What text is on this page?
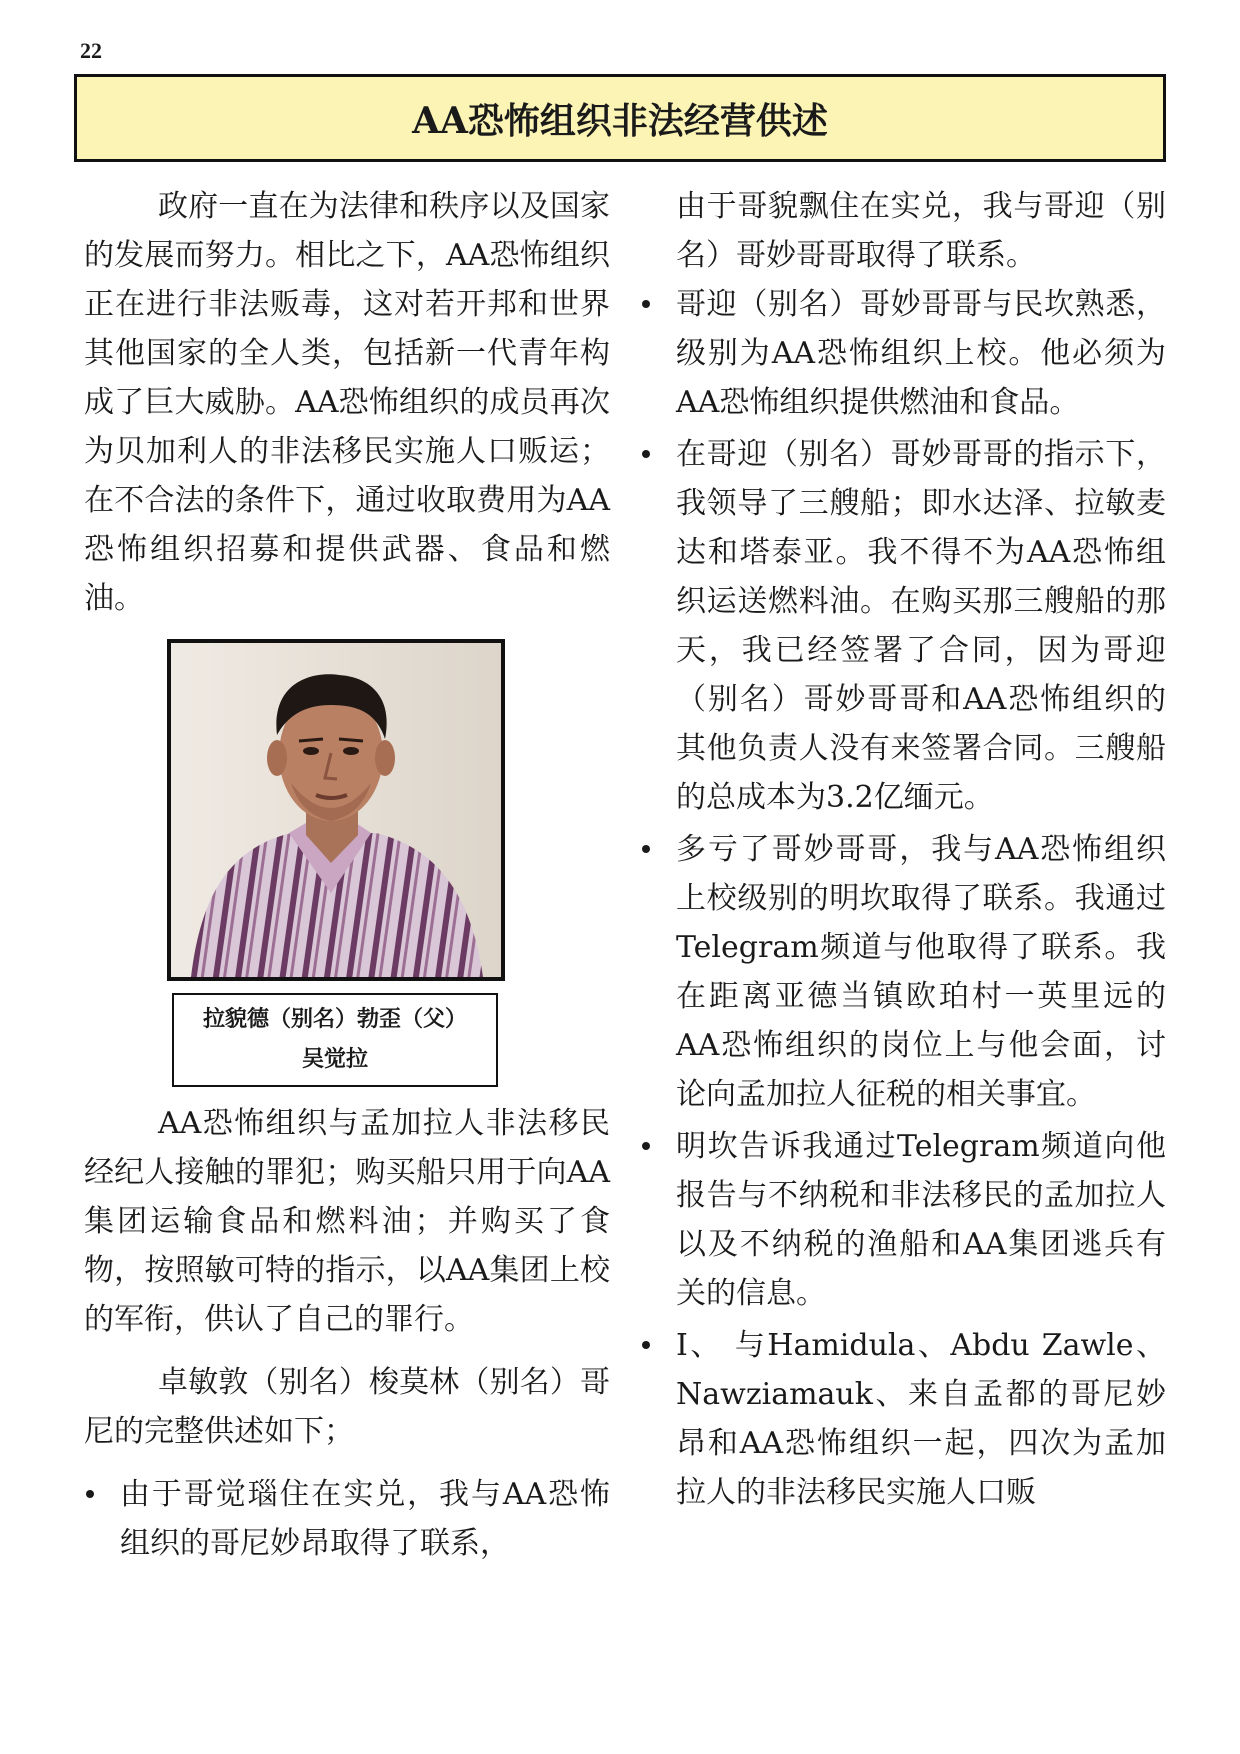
22
AA恐怖组织非法经营供述

政府一直在为法律和秩序以及国家的发展而努力。相比之下，AA恐怖组织正在进行非法贩毒，这对若开邦和世界其他国家的全人类，包括新一代青年构成了巨大威胁。AA恐怖组织的成员再次为贝加利人的非法移民实施人口贩运；在不合法的条件下，通过收取费用为AA恐怖组织招募和提供武器、食品和燃油。

拉貌德（别名）勃歪（父）
吴觉拉

AA恐怖组织与孟加拉人非法移民经纪人接触的罪犯；购买船只用于向AA集团运输食品和燃料油；并购买了食物，按照敏可特的指示，以AA集团上校的军衔，供认了自己的罪行。

卓敏敦（别名）梭莫林（别名）哥尼的完整供述如下；

由于哥觉瑙住在实兑，我与AA恐怖组织的哥尼妙昂取得了联系，

由于哥貌飘住在实兑，我与哥迎（别名）哥妙哥哥取得了联系。

哥迎（别名）哥妙哥哥与民坎熟悉，级别为AA恐怖组织上校。他必须为AA恐怖组织提供燃油和食品。
在哥迎（别名）哥妙哥哥的指示下，我领导了三艘船；即水达泽、拉敏麦达和塔泰亚。我不得不为AA恐怖组织运送燃料油。在购买那三艘船的那天，我已经签署了合同，因为哥迎（别名）哥妙哥哥和AA恐怖组织的其他负责人没有来签署合同。三艘船的总成本为3.2亿缅元。
多亏了哥妙哥哥，我与AA恐怖组织上校级别的明坎取得了联系。我通过Telegram频道与他取得了联系。我在距离亚德当镇欧珀村一英里远的AA恐怖组织的岗位上与他会面，讨论向孟加拉人征税的相关事宜。
明坎告诉我通过Telegram频道向他报告与不纳税和非法移民的孟加拉人以及不纳税的渔船和AA集团逃兵有关的信息。
I、 与Hamidula、Abdu Zawle、Nawziamauk、来自孟都的哥尼妙昂和AA恐怖组织一起，四次为孟加拉人的非法移民实施人口贩
